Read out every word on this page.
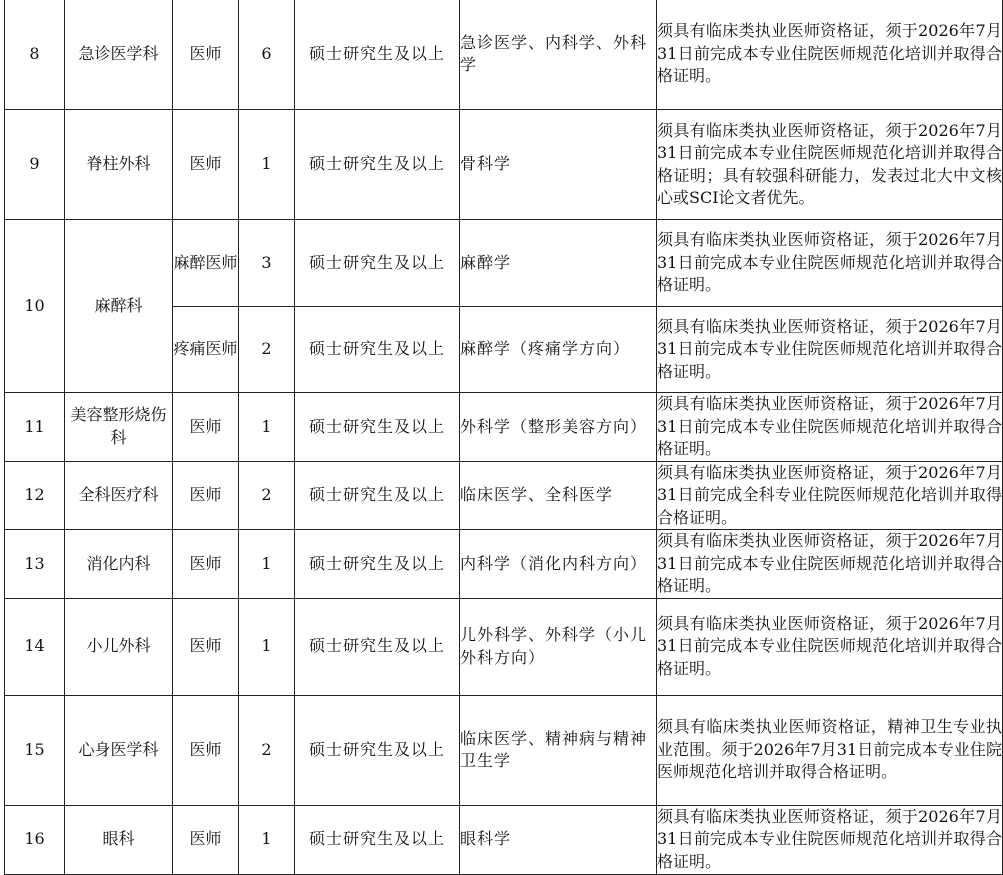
8	急诊医学科	医师	6	硕士研究生及以上	急诊医学、内科学、外科学	须具有临床类执业医师资格证，须于2026年7月31日前完成本专业住院医师规范化培训并取得合格证明。

9	脊柱外科	医师	1	硕士研究生及以上	骨科学	须具有临床类执业医师资格证，须于2026年7月31日前完成本专业住院医师规范化培训并取得合格证明；具有较强科研能力，发表过北大中文核心或SCI论文者优先。

10	麻醉科	麻醉医师	3	硕士研究生及以上	麻醉学	须具有临床类执业医师资格证，须于2026年7月31日前完成本专业住院医师规范化培训并取得合格证明。

		疼痛医师	2	硕士研究生及以上	麻醉学（疼痛学方向）	须具有临床类执业医师资格证，须于2026年7月31日前完成本专业住院医师规范化培训并取得合格证明。

11	美容整形烧伤科	医师	1	硕士研究生及以上	外科学（整形美容方向）	须具有临床类执业医师资格证，须于2026年7月31日前完成本专业住院医师规范化培训并取得合格证明。

12	全科医疗科	医师	2	硕士研究生及以上	临床医学、全科医学	须具有临床类执业医师资格证，须于2026年7月31日前完成全科专业住院医师规范化培训并取得合格证明。

13	消化内科	医师	1	硕士研究生及以上	内科学（消化内科方向）	须具有临床类执业医师资格证，须于2026年7月31日前完成本专业住院医师规范化培训并取得合格证明。

14	小儿外科	医师	1	硕士研究生及以上	儿外科学、外科学（小儿外科方向）	须具有临床类执业医师资格证，须于2026年7月31日前完成本专业住院医师规范化培训并取得合格证明。

15	心身医学科	医师	2	硕士研究生及以上	临床医学、精神病与精神卫生学	须具有临床类执业医师资格证，精神卫生专业执业范围。须于2026年7月31日前完成本专业住院医师规范化培训并取得合格证明。

16	眼科	医师	1	硕士研究生及以上	眼科学	须具有临床类执业医师资格证，须于2026年7月31日前完成本专业住院医师规范化培训并取得合格证明。
